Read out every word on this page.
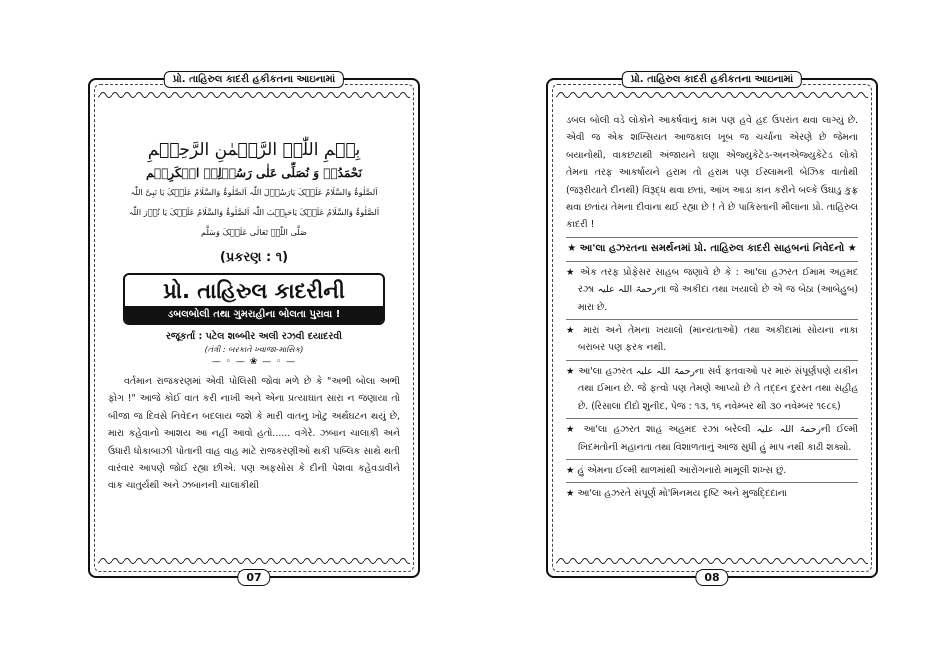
પ્રો. તાહિરુલ કાદરી હકીકતના આઇનામાં
بِسۡمِ اللّٰہِ الرَّحۡمٰنِ الرَّحِیۡمِ
نَحْمَدُہٗ وَ نُصَلِّی عَلٰی رَسُوۡلِہِ الۡکَرِیۡم
اَلصَّلٰوۃُ وَالسَّلَامُ عَلَیۡکَ یَارَسُوۡلَ اللّٰہ اَلصَّلٰوۃُ وَالسَّلَامُ عَلَیۡکَ یَا نَبِیَّ اللّٰہ
اَلصَّلٰوۃُ وَالسَّلَامُ عَلَیۡکَ یَاحَبِیۡبَ اللّٰہ اَلصَّلٰوۃُ وَالسَّلَامُ عَلَیۡکَ یَا نُوۡرَ اللّٰہ
صَلَّی اللّٰہُ تَعَالٰی عَلَیۡکَ وَسَلَّم
(પ્રકરણ : ૧)
પ્રો. તાહિરુલ કાદરીની
ડબલબોલી તથા ગુમરાહીના બોલતા પુરાવા !
રજૂકર્તા : પટેલ શબ્બીર અલી રઝવી દયાદરવી
(તંત્રી : બરકાતે ખ્વાજા-માસિક)
— ◦ — ❀ — ◦ —

વર્તમાન રાજકરણમાં એવી પોલિસી જોવા મળે છે કે "અભી બોલા અભી ફોગ !" આજે કોઈ વાત કરી નાખી અને એના પ્રત્યાઘાત સારા ન જણાયા તો બીજા જ દિવસે નિવેદન બદલાય જશે કે મારી વાતનુ ખોટુ અર્થઘટન થયું છે, મારા કહેવાનો આશય આ નહીં આવો હતો...... વગેરે. ઝબાન ચાલાકી અને ઉધારી ધોકાબાઝી પોતાની વાહ વાહ માટે રાજકરણીઓ થકી પબ્લિક સાથે થતી વારંવાર આપણે જોઈ રહ્યા છીએ. પણ અફસોસ કે દીની પેશવા કહેવડાવીને વાક ચાતુર્યથી અને ઝબાનની ચાલાકીથી

07
પ્રો. તાહિરુલ કાદરી હકીકતના આઇનામાં

ડબલ બોલી વડે લોકોને આકર્ષવાનું કામ પણ હવે હદ ઉપરાંત થવા લાગ્યું છે. એવી જ એક શખ્સિયત આજકાલ ખૂબ જ ચર્ચાના એરણે છે જેમના બયાનોથી, વાકછટાથી અંજાયને ઘણા એજ્યુકેટેડ-અનએજ્યુકેટેડ લોકો તેમના તરફ આકર્ષાયને હરામ તો હરામ પણ ઈસ્લામની બેઝિક વાતોથી (જરૂરીયાતે દીનથી) વિરૂદ્ધ થવા છતાં, આંખ આડા કાન કરીને બલ્કે ઉઘાડુ કુફ્ર થવા છતાંય તેમના દીવાના થઈ રહ્યા છે ! તે છે પાકિસ્તાની મૌલાના પ્રો. તાહિરુલ કાદરી !

★ આ'લા હઝરતના સમર્થનમાં પ્રો. તાહિરુલ કાદરી સાહબનાં નિવેદનો ★
★ એક તરફ પ્રોફેસર સાહબ જણાવે છે કે : આ'લા હઝરત ઈમામ અહમદ રઝા رحمۃ اللہ علیہના જે અકીદા તથા ખયાલો છે એ જ બેઠા (આબેહુબ) મારા છે.
★ મારા અને તેમના ખયાલો (માન્યતાઓ) તથા અકીદામાં સોયના નાકા બરાબર પણ ફરક નથી.
★ આ'લા હઝરત رحمۃ اللہ علیہના સર્વ ફતવાઓ પર મારું સંપૂર્ણપણે યકીન તથા ઈમાન છે. જે ફત્વો પણ તેમણે આપ્યો છે તે તદ્દન દુરસ્ત તથા સહીહ છે. (રિસાલા દીદો શુનીદ, પેજ : ૧૩, ૧૬ નવેમ્બર થી ૩૦ નવેમ્બર ૧૯૮૬)
★ આ'લા હઝરત શાહ અહમદ રઝા બરેલ્વી رحمۃ اللہ علیہની ઈલ્મી ખિદમતોની મહાનતા તથા વિશાળતાનું આજ સુધી હું માપ નથી કાઢી શક્યો.
★ હું એમના ઈલ્મી થાળમાંથી આરોગનારો મામૂલી શખ્સ છું.
★ આ'લા હઝરતે સંપૂર્ણ મો'મિનમય દૃષ્ટિ અને મુજદ્દિદાના
08
